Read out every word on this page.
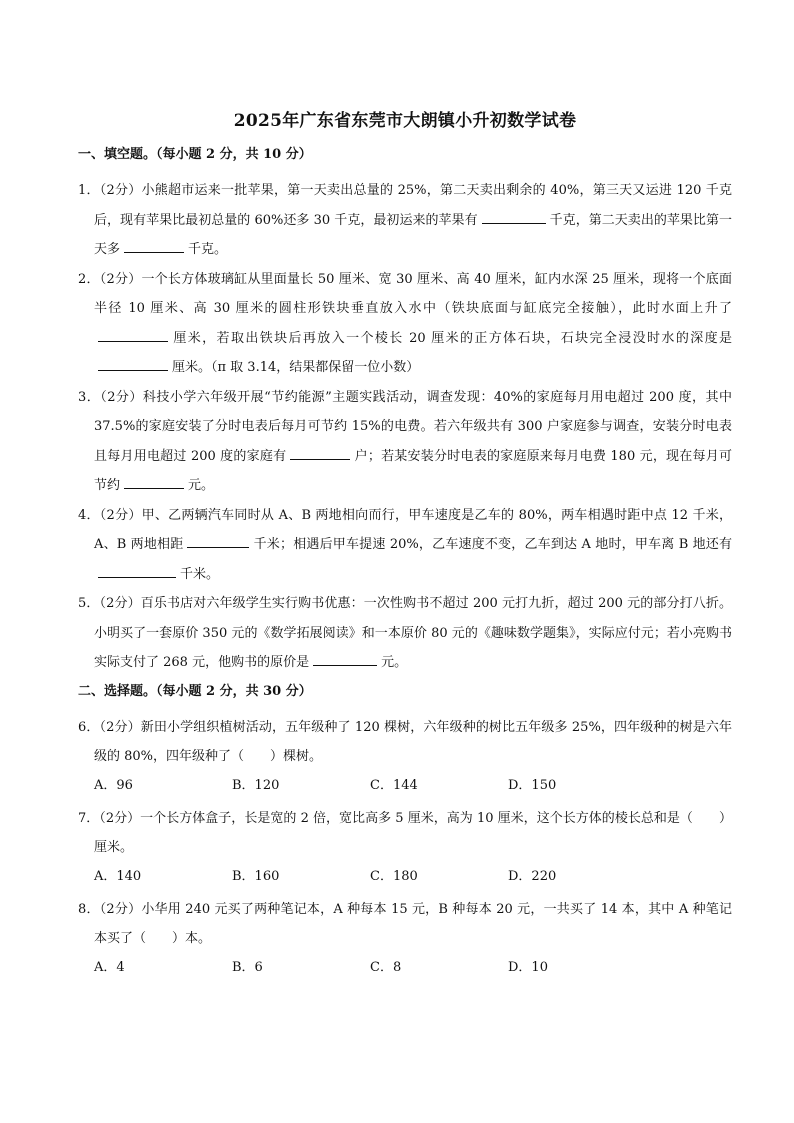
2025年广东省东莞市大朗镇小升初数学试卷
一、填空题。（每小题 2 分，共 10 分）

1．（2分）小熊超市运来一批苹果，第一天卖出总量的 25%，第二天卖出剩余的 40%，第三天又运进 120 千克后，现有苹果比最初总量的 60%还多 30 千克，最初运来的苹果有	千克，第二天卖出的苹果比第一天多	千克。

2．（2分）一个长方体玻璃缸从里面量长 50 厘米、宽 30 厘米、高 40 厘米，缸内水深 25 厘米，现将一个底面半径 10 厘米、高 30 厘米的圆柱形铁块垂直放入水中（铁块底面与缸底完全接触），此时水面上升了厘米，若取出铁块后再放入一个棱长 20 厘米的正方体石块，石块完全浸没时水的深度是厘米。（π 取 3.14，结果都保留一位小数）

3．（2分）科技小学六年级开展“节约能源”主题实践活动，调查发现：40%的家庭每月用电超过 200 度，其中 37.5%的家庭安装了分时电表后每月可节约 15%的电费。若六年级共有 300 户家庭参与调查，安装分时电表且每月用电超过 200 度的家庭有	户；若某安装分时电表的家庭原来每月电费 180 元，现在每月可节约	元。

4．（2分）甲、乙两辆汽车同时从 A、B 两地相向而行，甲车速度是乙车的 80%，两车相遇时距中点 12 千米，A、B 两地相距	千米；相遇后甲车提速 20%，乙车速度不变，乙车到达 A 地时，甲车离 B 地还有千米。

5．（2分）百乐书店对六年级学生实行购书优惠：一次性购书不超过 200 元打九折，超过 200 元的部分打八折。小明买了一套原价 350 元的《数学拓展阅读》和一本原价 80 元的《趣味数学题集》，实际应付元；若小亮购书实际支付了 268 元，他购书的原价是	元。

二、选择题。（每小题 2 分，共 30 分）

6．（2分）新田小学组织植树活动，五年级种了 120 棵树，六年级种的树比五年级多 25%，四年级种的树是六年级的 80%，四年级种了（　　）棵树。

A．96	B．120	C．144	D．150

7．（2分）一个长方体盒子，长是宽的 2 倍，宽比高多 5 厘米，高为 10 厘米，这个长方体的棱长总和是（　　）厘米。

A．140	B．160	C．180	D．220

8．（2分）小华用 240 元买了两种笔记本，A 种每本 15 元，B 种每本 20 元，一共买了 14 本，其中 A 种笔记本买了（　　）本。

A．4	B．6	C．8	D．10
